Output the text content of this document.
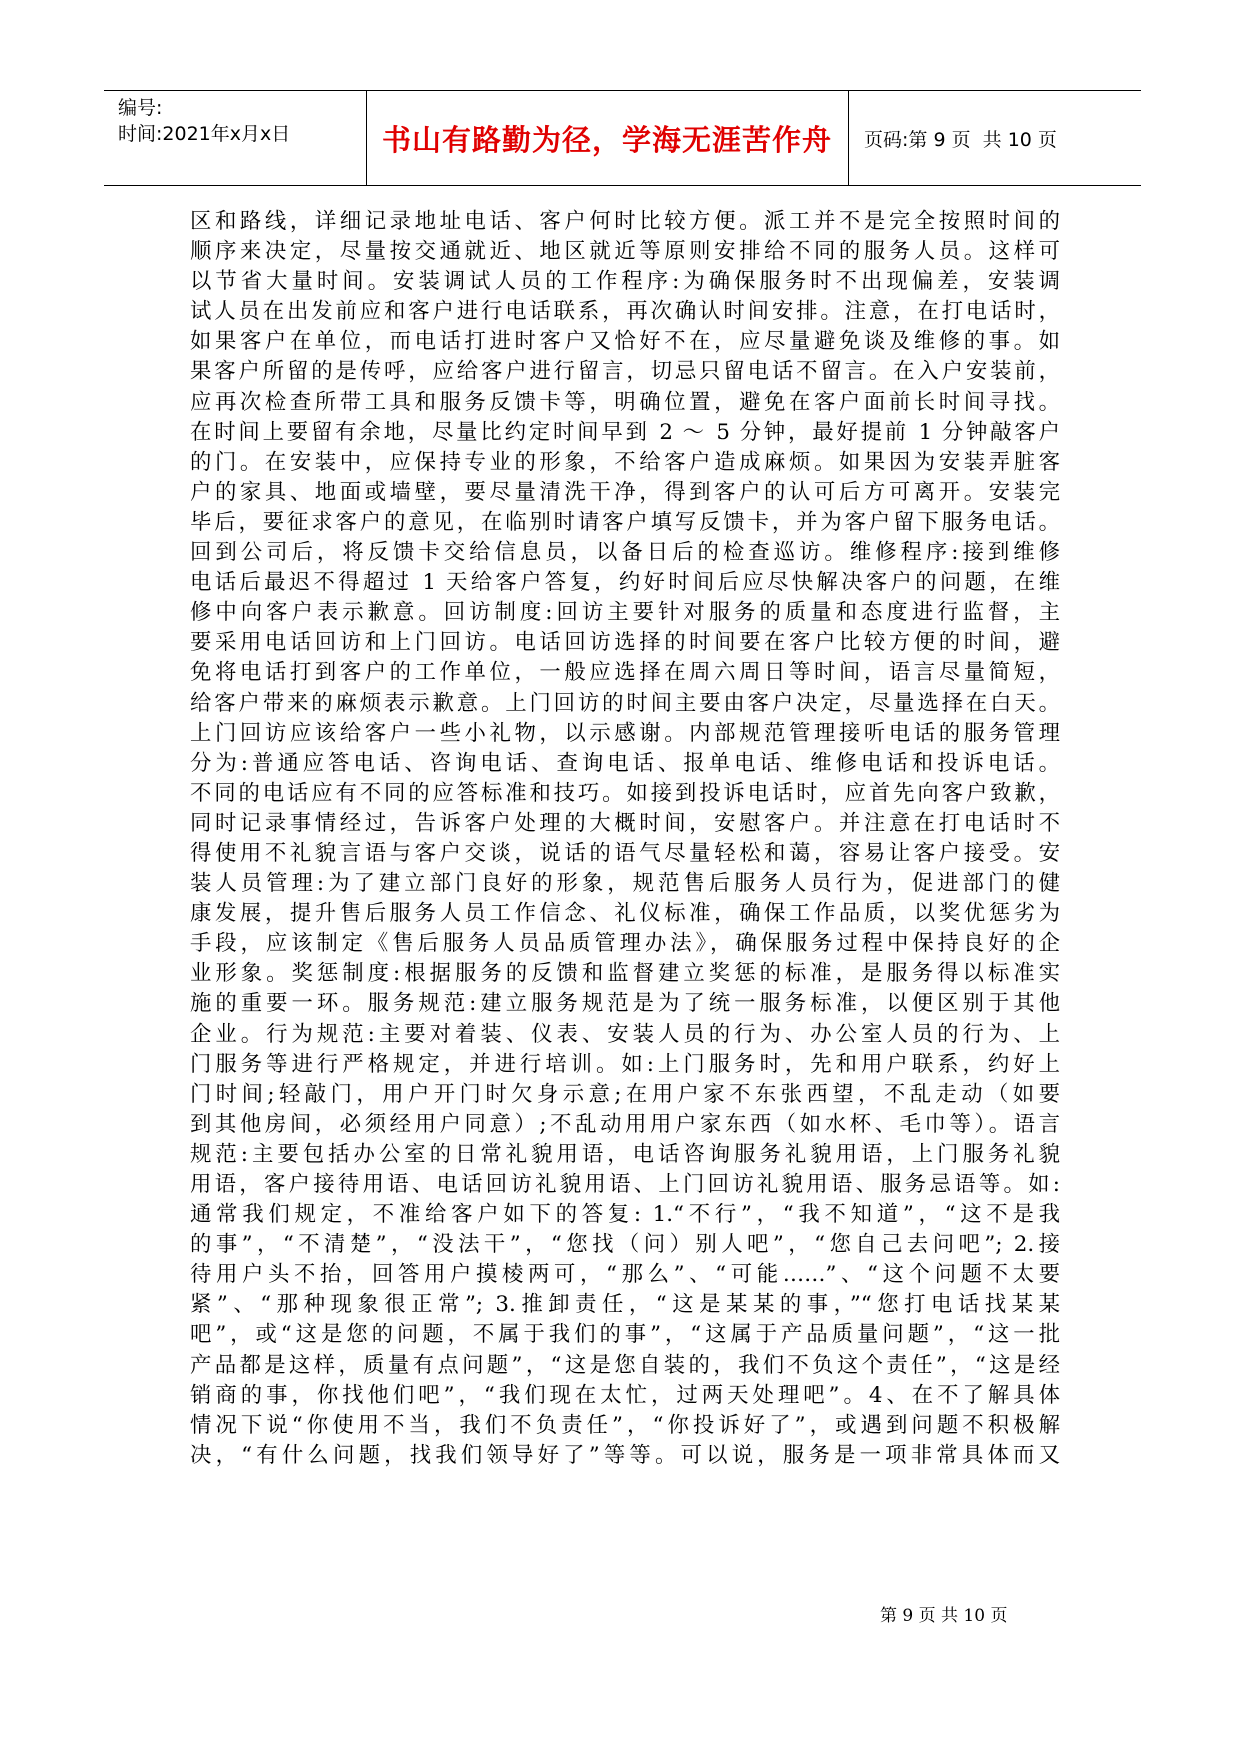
编号:
时间:2021年x月x日	书山有路勤为径，学海无涯苦作舟	页码:第 9 页  共 10 页
区和路线，详细记录地址电话、客户何时比较方便。派工并不是完全按照时间的
顺序来决定，尽量按交通就近、地区就近等原则安排给不同的服务人员。这样可
以节省大量时间。安装调试人员的工作程序:为确保服务时不出现偏差，安装调
试人员在出发前应和客户进行电话联系，再次确认时间安排。注意，在打电话时，
如果客户在单位，而电话打进时客户又恰好不在，应尽量避免谈及维修的事。如
果客户所留的是传呼，应给客户进行留言，切忌只留电话不留言。在入户安装前，
应再次检查所带工具和服务反馈卡等，明确位置，避免在客户面前长时间寻找。
在时间上要留有余地，尽量比约定时间早到 2 ～ 5 分钟，最好提前 1 分钟敲客户
的门。在安装中，应保持专业的形象，不给客户造成麻烦。如果因为安装弄脏客
户的家具、地面或墙壁，要尽量清洗干净，得到客户的认可后方可离开。安装完
毕后，要征求客户的意见，在临别时请客户填写反馈卡，并为客户留下服务电话。
回到公司后，将反馈卡交给信息员，以备日后的检查巡访。维修程序:接到维修
电话后最迟不得超过 1 天给客户答复，约好时间后应尽快解决客户的问题，在维
修中向客户表示歉意。回访制度:回访主要针对服务的质量和态度进行监督，主
要采用电话回访和上门回访。电话回访选择的时间要在客户比较方便的时间，避
免将电话打到客户的工作单位，一般应选择在周六周日等时间，语言尽量简短，
给客户带来的麻烦表示歉意。上门回访的时间主要由客户决定，尽量选择在白天。
上门回访应该给客户一些小礼物，以示感谢。内部规范管理接听电话的服务管理
分为:普通应答电话、咨询电话、查询电话、报单电话、维修电话和投诉电话。
不同的电话应有不同的应答标准和技巧。如接到投诉电话时，应首先向客户致歉，
同时记录事情经过，告诉客户处理的大概时间，安慰客户。并注意在打电话时不
得使用不礼貌言语与客户交谈，说话的语气尽量轻松和蔼，容易让客户接受。安
装人员管理:为了建立部门良好的形象，规范售后服务人员行为，促进部门的健
康发展，提升售后服务人员工作信念、礼仪标准，确保工作品质，以奖优惩劣为
手段，应该制定《售后服务人员品质管理办法》，确保服务过程中保持良好的企
业形象。奖惩制度:根据服务的反馈和监督建立奖惩的标准，是服务得以标准实
施的重要一环。服务规范:建立服务规范是为了统一服务标准，以便区别于其他
企业。行为规范:主要对着装、仪表、安装人员的行为、办公室人员的行为、上
门服务等进行严格规定，并进行培训。如:上门服务时，先和用户联系，约好上
门时间;轻敲门，用户开门时欠身示意;在用户家不东张西望，不乱走动（如要
到其他房间，必须经用户同意）;不乱动用用户家东西（如水杯、毛巾等）。语言
规范:主要包括办公室的日常礼貌用语，电话咨询服务礼貌用语，上门服务礼貌
用语，客户接待用语、电话回访礼貌用语、上门回访礼貌用语、服务忌语等。如:
通常我们规定，不准给客户如下的答复: 1.“不行”，“我不知道”，“这不是我
的事”，“不清楚”，“没法干”，“您找（问）别人吧”，“您自己去问吧”; 2.接
待用户头不抬，回答用户摸棱两可，“那么”、“可能……”、“这个问题不太要
紧”、“那种现象很正常”; 3.推卸责任，“这是某某的事，”“您打电话找某某
吧”，或“这是您的问题，不属于我们的事”，“这属于产品质量问题”，“这一批
产品都是这样，质量有点问题”，“这是您自装的，我们不负这个责任”，“这是经
销商的事，你找他们吧”，“我们现在太忙，过两天处理吧”。4、在不了解具体
情况下说“你使用不当，我们不负责任”，“你投诉好了”，或遇到问题不积极解
决，“有什么问题，找我们领导好了”等等。可以说，服务是一项非常具体而又
第 9 页 共 10 页
